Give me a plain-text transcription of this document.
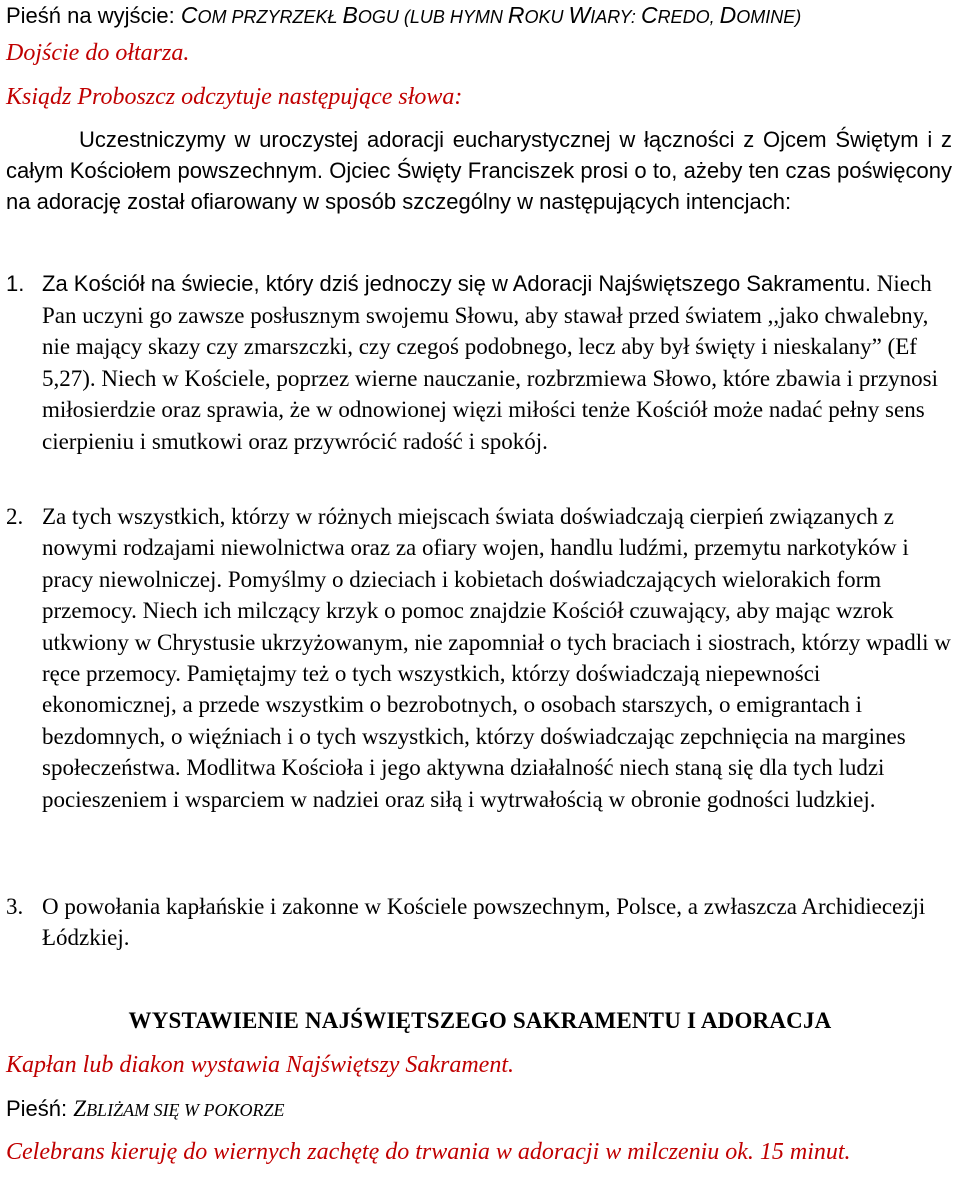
Pieśń na wyjście: COM PRZYRZEKŁ BOGU (LUB HYMN ROKU WIARY: CREDO, DOMINE)
Dojście do ołtarza.
Ksiądz Proboszcz odczytuje następujące słowa:
Uczestniczymy w uroczystej adoracji eucharystycznej w łączności z Ojcem Świętym i z całym Kościołem powszechnym. Ojciec Święty Franciszek prosi o to, ażeby ten czas poświęcony na adorację został ofiarowany w sposób szczególny w następujących intencjach:
1. Za Kościół na świecie, który dziś jednoczy się w Adoracji Najświętszego Sakramentu. Niech Pan uczyni go zawsze posłusznym swojemu Słowu, aby stawał przed światem ,,jako chwalebny, nie mający skazy czy zmarszczki, czy czegoś podobnego, lecz aby był święty i nieskalany” (Ef 5,27). Niech w Kościele, poprzez wierne nauczanie, rozbrzmiewa Słowo, które zbawia i przynosi miłosierdzie oraz sprawia, że w odnowionej więzi miłości tenże Kościół może nadać pełny sens cierpieniu i smutkowi oraz przywrócić radość i spokój.
2. Za tych wszystkich, którzy w różnych miejscach świata doświadczają cierpień związanych z nowymi rodzajami niewolnictwa oraz za ofiary wojen, handlu ludźmi, przemytu narkotyków i pracy niewolniczej. Pomyślmy o dzieciach i kobietach doświadczających wielorakich form przemocy. Niech ich milczący krzyk o pomoc znajdzie Kościół czuwający, aby mając wzrok utkwiony w Chrystusie ukrzyżowanym, nie zapomniał o tych braciach i siostrach, którzy wpadli w ręce przemocy. Pamiętajmy też o tych wszystkich, którzy doświadczają niepewności ekonomicznej, a przede wszystkim o bezrobotnych, o osobach starszych, o emigrantach i bezdomnych, o więźniach i o tych wszystkich, którzy doświadczając zepchnięcia na margines społeczeństwa. Modlitwa Kościoła i jego aktywna działalność niech staną się dla tych ludzi pocieszeniem i wsparciem w nadziei oraz siłą i wytrwałością w obronie godności ludzkiej.
3. O powołania kapłańskie i zakonne w Kościele powszechnym, Polsce, a zwłaszcza Archidiecezji Łódzkiej.
WYSTAWIENIE NAJŚWIĘTSZEGO SAKRAMENTU I ADORACJA
Kapłan lub diakon wystawia Najświętszy Sakrament.
Pieśń: ZBLIŻAM SIĘ W POKORZE
Celebrans kieruję do wiernych zachętę do trwania w adoracji w milczeniu ok. 15 minut.
